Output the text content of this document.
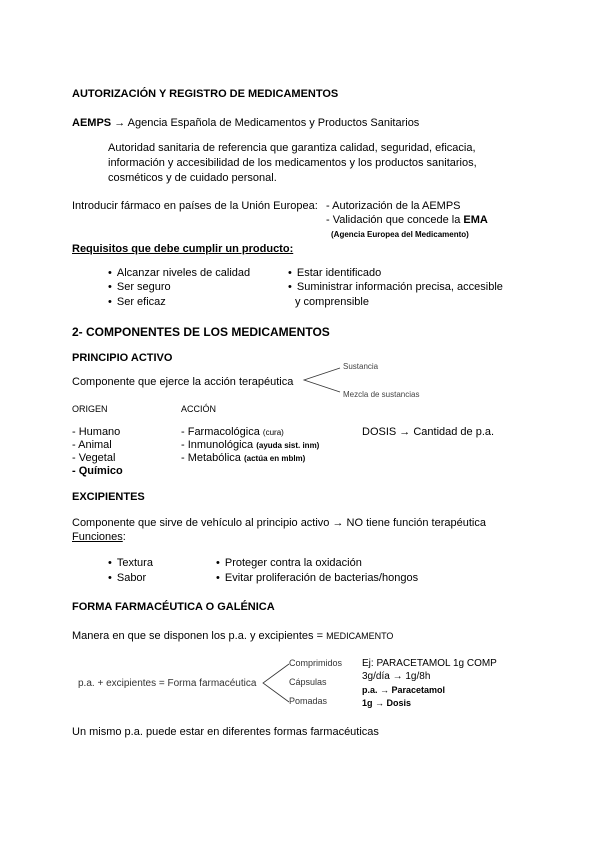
AUTORIZACIÓN Y REGISTRO DE MEDICAMENTOS
AEMPS → Agencia Española de Medicamentos y Productos Sanitarios
Autoridad sanitaria de referencia que garantiza calidad, seguridad, eficacia,
información y accesibilidad de los medicamentos y los productos sanitarios,
cosméticos y de cuidado personal.
Introducir fármaco en países de la Unión Europea: - Autorización de la AEMPS
- Validación que concede la EMA
(Agencia Europea del Medicamento)
Requisitos que debe cumplir un producto:
• Alcanzar niveles de calidad
• Ser seguro
• Ser eficaz
• Estar identificado
• Suministrar información precisa, accesible
y comprensible
2- COMPONENTES DE LOS MEDICAMENTOS
PRINCIPIO ACTIVO
Componente que ejerce la acción terapéutica
Sustancia
Mezcla de sustancias
ORIGEN	ACCIÓN
- Humano
- Animal
- Vegetal
- Químico
- Farmacológica (cura)
- Inmunológica (ayuda sist. inm)
- Metabólica (actúa en mblm)
DOSIS → Cantidad de p.a.
EXCIPIENTES
Componente que sirve de vehículo al principio activo → NO tiene función terapéutica
Funciones:
• Textura
• Sabor
• Proteger contra la oxidación
• Evitar proliferación de bacterias/hongos
FORMA FARMACÉUTICA O GALÉNICA
Manera en que se disponen los p.a. y excipientes = MEDICAMENTO
p.a. + excipientes = Forma farmacéutica
Comprimidos
Cápsulas
Pomadas
Ej: PARACETAMOL 1g COMP
3g/día → 1g/8h
p.a. → Paracetamol
1g → Dosis
Un mismo p.a. puede estar en diferentes formas farmacéuticas
